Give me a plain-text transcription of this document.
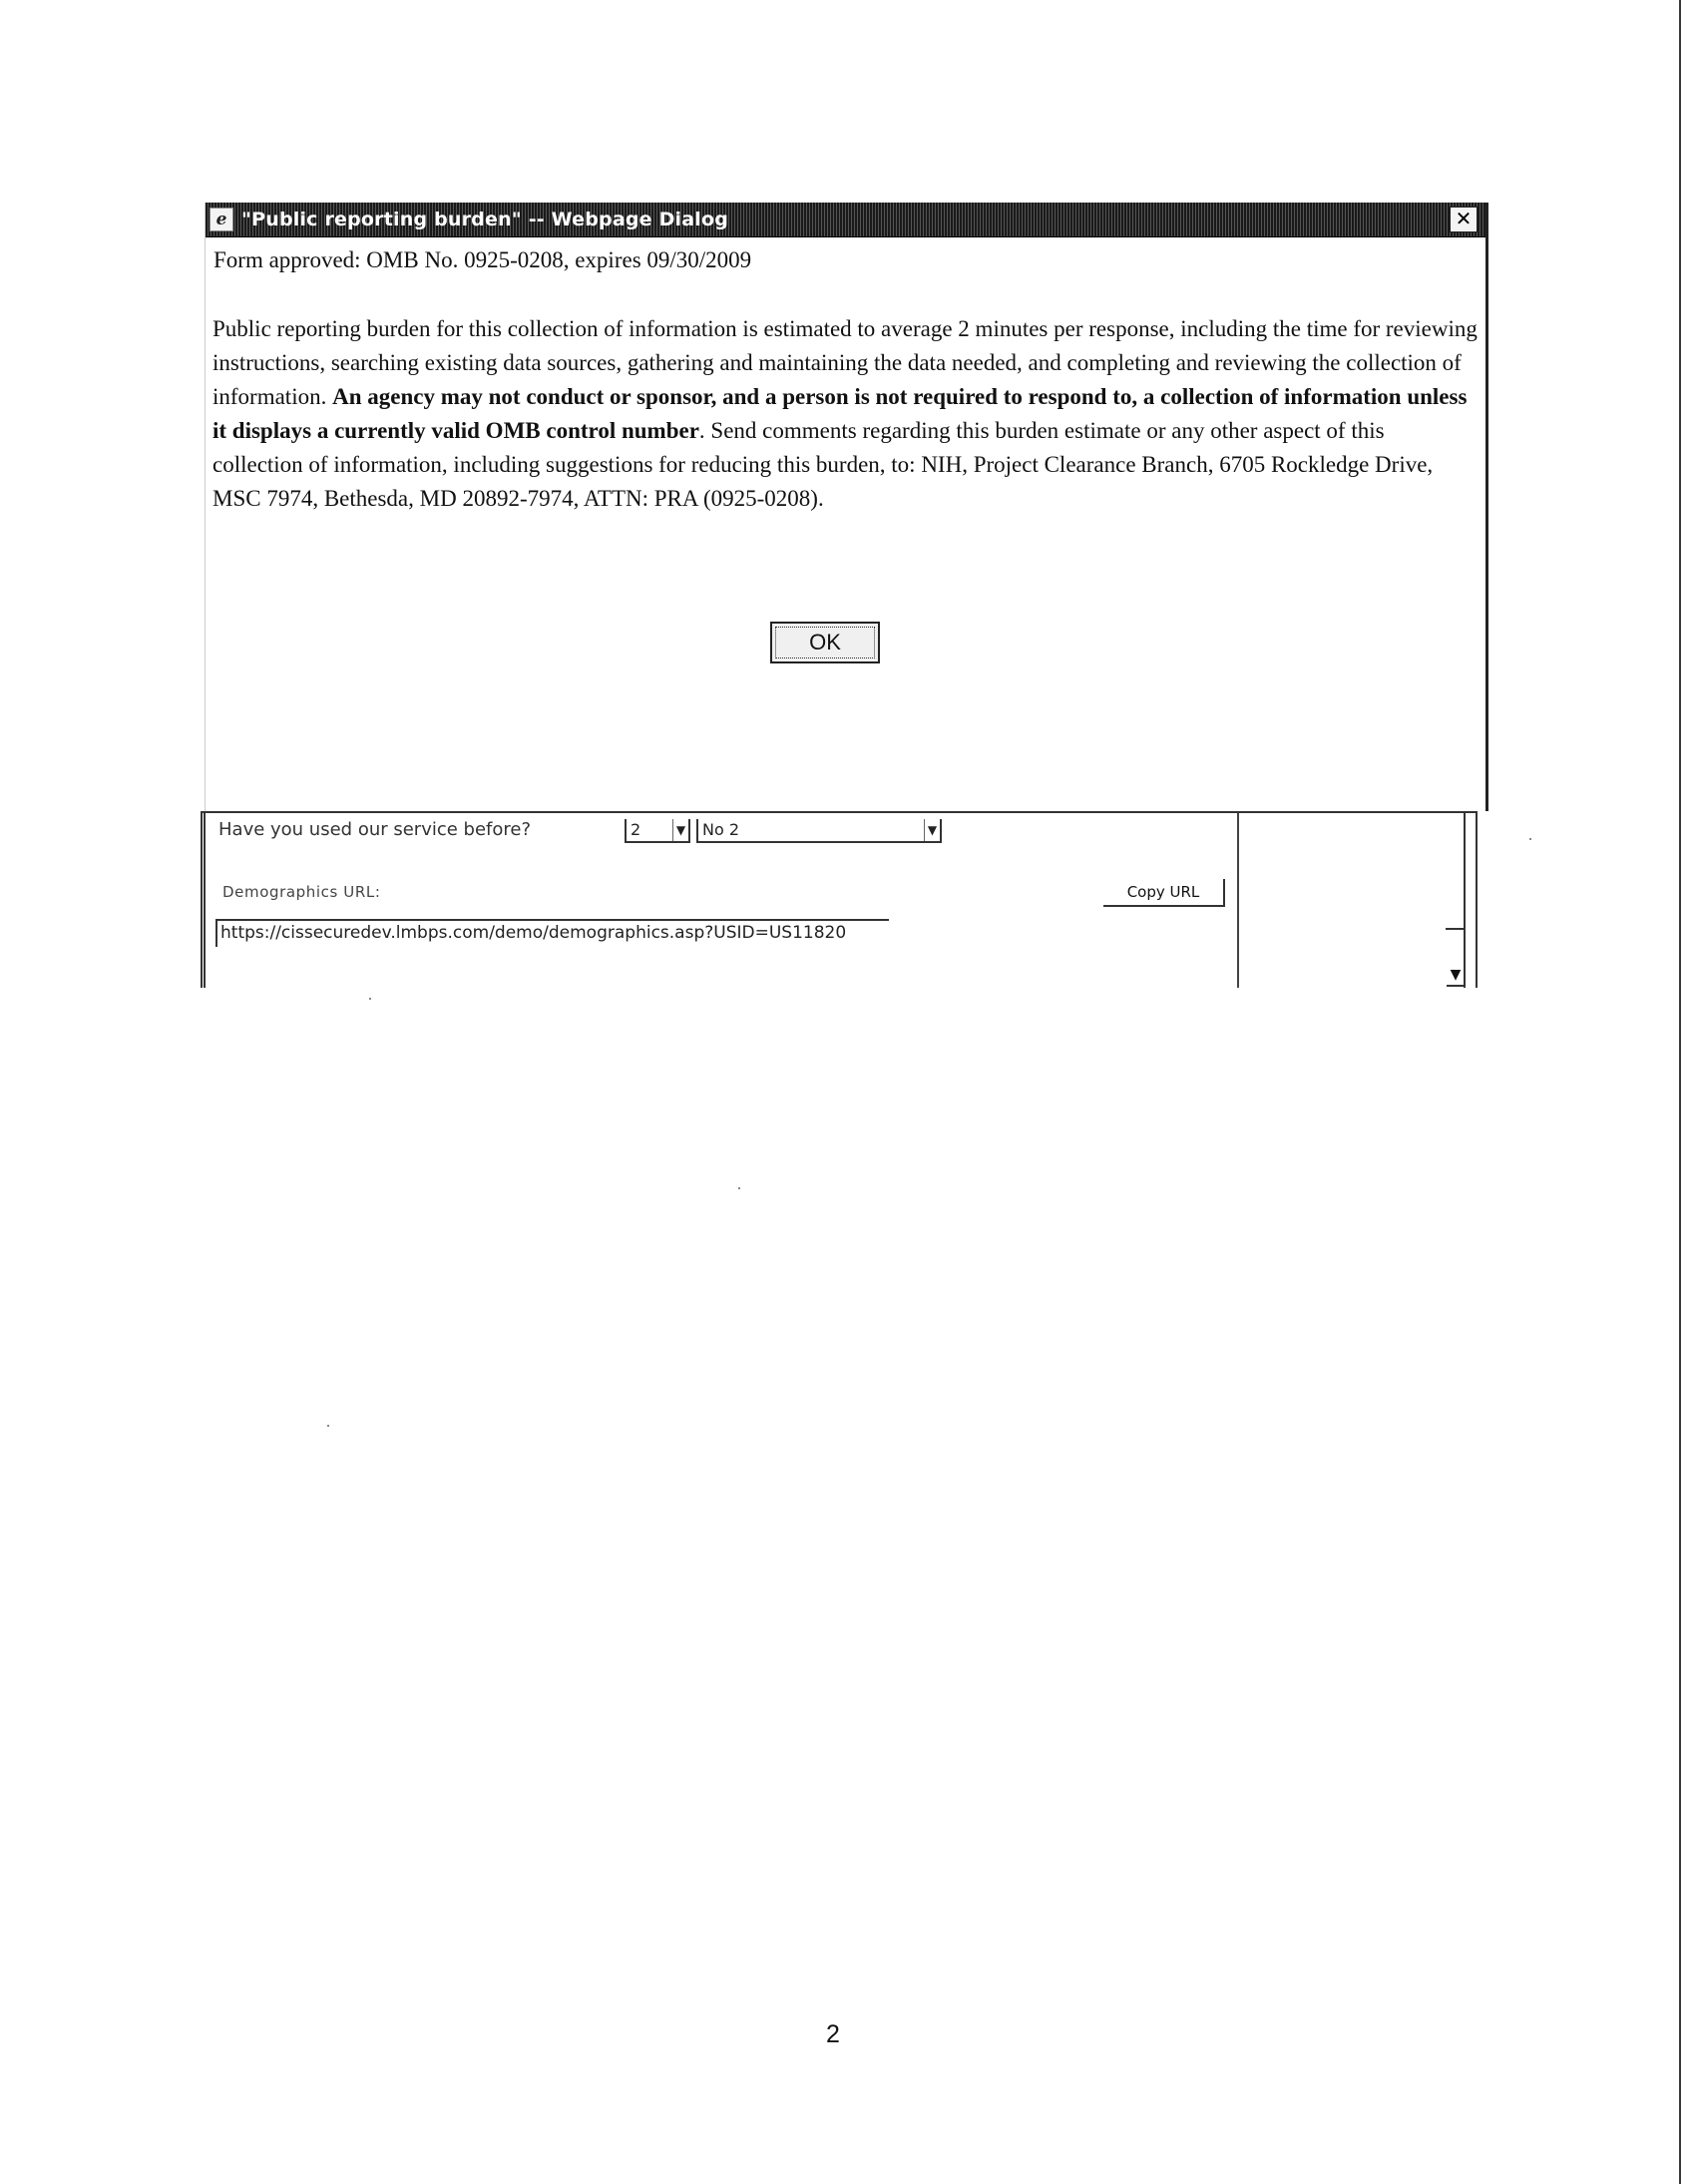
e "Public reporting burden" -- Webpage Dialog	✕
Form approved: OMB No. 0925-0208, expires 09/30/2009

Public reporting burden for this collection of information is estimated to average 2 minutes per response, including the time for reviewing instructions, searching existing data sources, gathering and maintaining the data needed, and completing and reviewing the collection of information. An agency may not conduct or sponsor, and a person is not required to respond to, a collection of information unless it displays a currently valid OMB control number. Send comments regarding this burden estimate or any other aspect of this collection of information, including suggestions for reducing this burden, to: NIH, Project Clearance Branch, 6705 Rockledge Drive, MSC 7974, Bethesda, MD 20892-7974, ATTN: PRA (0925-0208).

OK
Have you used our service before?	2	▼	No 2	▼
Demographics URL:	Copy URL
https://cissecuredev.lmbps.com/demo/demographics.asp?USID=US11820
▼
2
